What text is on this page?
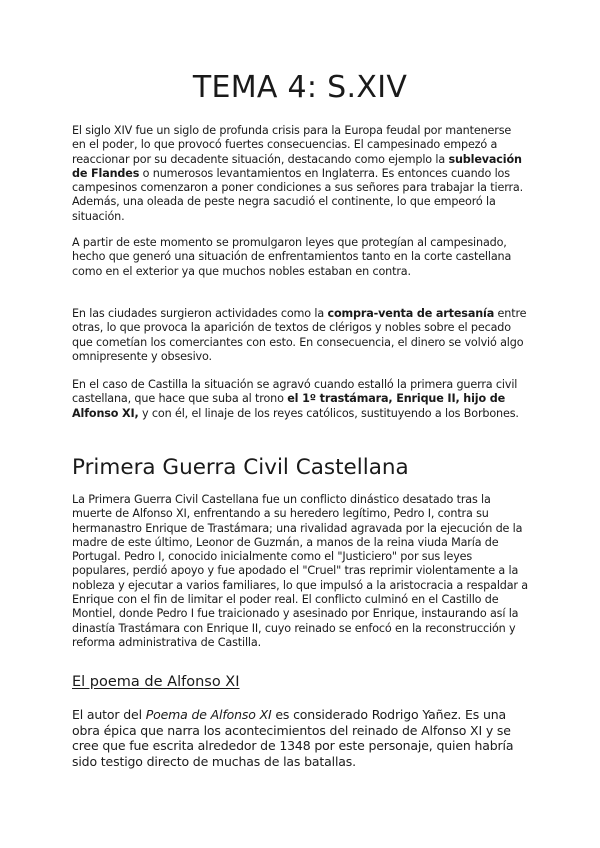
TEMA 4: S.XIV

El siglo XIV fue un siglo de profunda crisis para la Europa feudal por mantenerse en el poder, lo que provocó fuertes consecuencias. El campesinado empezó a reaccionar por su decadente situación, destacando como ejemplo la sublevación de Flandes o numerosos levantamientos en Inglaterra. Es entonces cuando los campesinos comenzaron a poner condiciones a sus señores para trabajar la tierra. Además, una oleada de peste negra sacudió el continente, lo que empeoró la situación.

A partir de este momento se promulgaron leyes que protegían al campesinado, hecho que generó una situación de enfrentamientos tanto en la corte castellana como en el exterior ya que muchos nobles estaban en contra.

En las ciudades surgieron actividades como la compra-venta de artesanía entre otras, lo que provoca la aparición de textos de clérigos y nobles sobre el pecado que cometían los comerciantes con esto. En consecuencia, el dinero se volvió algo omnipresente y obsesivo.

En el caso de Castilla la situación se agravó cuando estalló la primera guerra civil castellana, que hace que suba al trono el 1º trastámara, Enrique II, hijo de Alfonso XI, y con él, el linaje de los reyes católicos, sustituyendo a los Borbones.

Primera Guerra Civil Castellana

La Primera Guerra Civil Castellana fue un conflicto dinástico desatado tras la muerte de Alfonso XI, enfrentando a su heredero legítimo, Pedro I, contra su hermanastro Enrique de Trastámara; una rivalidad agravada por la ejecución de la madre de este último, Leonor de Guzmán, a manos de la reina viuda María de Portugal. Pedro I, conocido inicialmente como el "Justiciero" por sus leyes populares, perdió apoyo y fue apodado el "Cruel" tras reprimir violentamente a la nobleza y ejecutar a varios familiares, lo que impulsó a la aristocracia a respaldar a Enrique con el fin de limitar el poder real. El conflicto culminó en el Castillo de Montiel, donde Pedro I fue traicionado y asesinado por Enrique, instaurando así la dinastía Trastámara con Enrique II, cuyo reinado se enfocó en la reconstrucción y reforma administrativa de Castilla.

El poema de Alfonso XI

El autor del Poema de Alfonso XI es considerado Rodrigo Yañez. Es una obra épica que narra los acontecimientos del reinado de Alfonso XI y se cree que fue escrita alrededor de 1348 por este personaje, quien habría sido testigo directo de muchas de las batallas.
